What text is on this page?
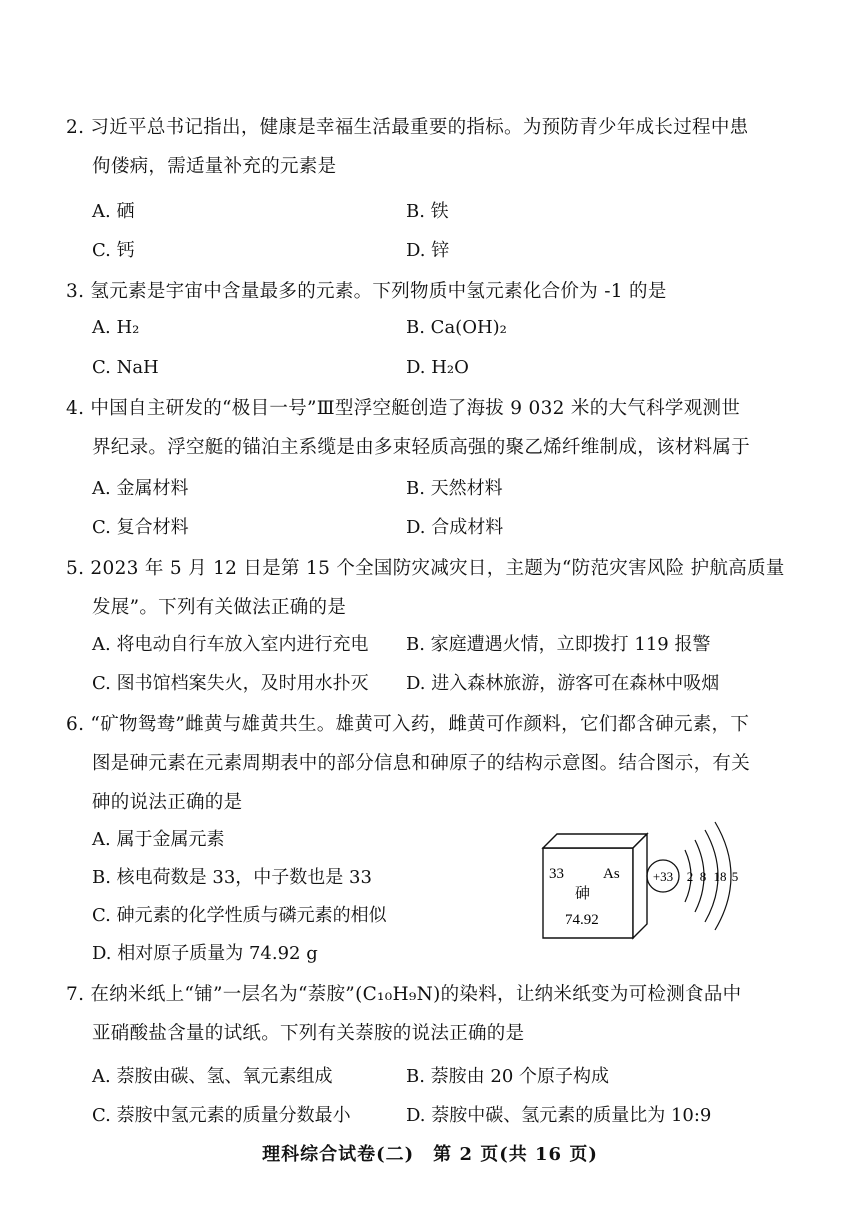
2. 习近平总书记指出，健康是幸福生活最重要的指标。为预防青少年成长过程中患

佝偻病，需适量补充的元素是
A. 硒	B. 铁
C. 钙	D. 锌
3. 氢元素是宇宙中含量最多的元素。下列物质中氢元素化合价为 -1 的是
A. H₂	B. Ca(OH)₂
C. NaH	D. H₂O
4. 中国自主研发的“极目一号”Ⅲ型浮空艇创造了海拔 9 032 米的大气科学观测世

界纪录。浮空艇的锚泊主系缆是由多束轻质高强的聚乙烯纤维制成，该材料属于
A. 金属材料	B. 天然材料
C. 复合材料	D. 合成材料
5. 2023 年 5 月 12 日是第 15 个全国防灾减灾日，主题为“防范灾害风险 护航高质量

发展”。下列有关做法正确的是
A. 将电动自行车放入室内进行充电 B. 家庭遭遇火情，立即拨打 119 报警
C. 图书馆档案失火，及时用水扑灭 D. 进入森林旅游，游客可在森林中吸烟
6. “矿物鸳鸯”雌黄与雄黄共生。雄黄可入药，雌黄可作颜料，它们都含砷元素，下

图是砷元素在元素周期表中的部分信息和砷原子的结构示意图。结合图示，有关
砷的说法正确的是
A. 属于金属元素
B. 核电荷数是 33，中子数也是 33
C. 砷元素的化学性质与磷元素的相似
D. 相对原子质量为 74.92 g
33	As
砷
74.92
+33 2 8 18 5
7. 在纳米纸上“铺”一层名为“萘胺”(C₁₀H₉N)的染料，让纳米纸变为可检测食品中

亚硝酸盐含量的试纸。下列有关萘胺的说法正确的是
A. 萘胺由碳、氢、氧元素组成	B. 萘胺由 20 个原子构成
C. 萘胺中氢元素的质量分数最小	D. 萘胺中碳、氢元素的质量比为 10:9
理科综合试卷(二)　第 2 页(共 16 页)
